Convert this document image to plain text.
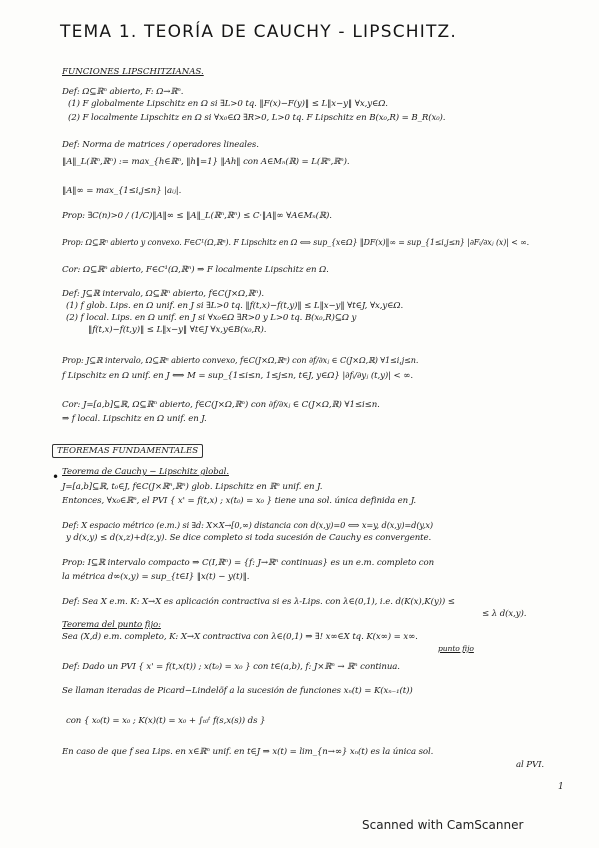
TEMA 1. TEORÍA DE CAUCHY - LIPSCHITZ.
FUNCIONES LIPSCHITZIANAS.
Def: Ω⊆ℝⁿ abierto, F: Ω→ℝⁿ.
(1) F globalmente Lipschitz en Ω si ∃L>0 tq. ‖F(x)−F(y)‖ ≤ L‖x−y‖ ∀x,y∈Ω.
(2) F localmente Lipschitz en Ω si ∀x₀∈Ω ∃R>0, L>0 tq. F Lipschitz en B(x₀,R) = B_R(x₀).
Def: Norma de matrices / operadores lineales.
‖A‖_L(ℝⁿ,ℝⁿ) := max_{h∈ℝⁿ, ‖h‖=1} ‖Ah‖ con A∈Mₙ(ℝ) = L(ℝⁿ,ℝⁿ).
‖A‖∞ = max_{1≤i,j≤n} |aᵢⱼ|.
Prop: ∃C(n)>0 / (1/C)‖A‖∞ ≤ ‖A‖_L(ℝⁿ,ℝⁿ) ≤ C·‖A‖∞ ∀A∈Mₙ(ℝ).
Prop: Ω⊆ℝⁿ abierto y convexo. F∈C¹(Ω,ℝⁿ). F Lipschitz en Ω ⟺ sup_{x∈Ω} ‖DF(x)‖∞ = sup_{1≤i,j≤n} |∂Fᵢ/∂xⱼ (x)| < ∞.
Cor: Ω⊆ℝⁿ abierto, F∈C¹(Ω,ℝⁿ) ⇒ F localmente Lipschitz en Ω.
Def: J⊆ℝ intervalo, Ω⊆ℝⁿ abierto, f∈C(J×Ω,ℝⁿ).
(1) f glob. Lips. en Ω unif. en J si ∃L>0 tq. ‖f(t,x)−f(t,y)‖ ≤ L‖x−y‖ ∀t∈J, ∀x,y∈Ω.
(2) f local. Lips. en Ω unif. en J si ∀x₀∈Ω ∃R>0 y L>0 tq. B(x₀,R)⊆Ω y
‖f(t,x)−f(t,y)‖ ≤ L‖x−y‖ ∀t∈J ∀x,y∈B(x₀,R).
Prop: J⊆ℝ intervalo, Ω⊆ℝⁿ abierto convexo, f∈C(J×Ω,ℝⁿ) con ∂f/∂xⱼ ∈ C(J×Ω,ℝ) ∀1≤i,j≤n.
f Lipschitz en Ω unif. en J ⟺ M = sup_{1≤i≤n, 1≤j≤n, t∈J, y∈Ω} |∂fᵢ/∂yⱼ (t,y)| < ∞.
Cor: J=[a,b]⊆ℝ, Ω⊆ℝⁿ abierto, f∈C(J×Ω,ℝⁿ) con ∂f/∂xⱼ ∈ C(J×Ω,ℝ) ∀1≤i≤n.
⇒ f local. Lipschitz en Ω unif. en J.
TEOREMAS FUNDAMENTALES
• Teorema de Cauchy − Lipschitz global.
J=[a,b]⊆ℝ, t₀∈J, f∈C(J×ℝⁿ,ℝⁿ) glob. Lipschitz en ℝⁿ unif. en J.
Entonces, ∀x₀∈ℝⁿ, el PVI { x' = f(t,x) ; x(t₀) = x₀ } tiene una sol. única definida en J.
Def: X espacio métrico (e.m.) si ∃d: X×X→[0,∞) distancia con d(x,y)=0 ⟺ x=y, d(x,y)=d(y,x)
y d(x,y) ≤ d(x,z)+d(z,y). Se dice completo si toda sucesión de Cauchy es convergente.
Prop: I⊆ℝ intervalo compacto ⇒ C(I,ℝⁿ) = {f: J→ℝⁿ continuas} es un e.m. completo con
la métrica d∞(x,y) = sup_{t∈I} ‖x(t) − y(t)‖.
Def: Sea X e.m. K: X→X es aplicación contractiva si es λ-Lips. con λ∈(0,1), i.e. d(K(x),K(y)) ≤
≤ λ d(x,y).
Teorema del punto fijo:
Sea (X,d) e.m. completo, K: X→X contractiva con λ∈(0,1) ⇒ ∃! x∞∈X tq. K(x∞) = x∞.
punto fijo
Def: Dado un PVI { x' = f(t,x(t)) ; x(t₀) = x₀ } con t∈(a,b), f: J×ℝⁿ → ℝⁿ continua.
Se llaman iteradas de Picard−Lindelöf a la sucesión de funciones xₙ(t) = K(xₙ₋₁(t))
con { x₀(t) = x₀ ; K(x)(t) = x₀ + ∫ₜ₀ᵗ f(s,x(s)) ds }
En caso de que f sea Lips. en x∈ℝⁿ unif. en t∈J ⇒ x(t) = lim_{n→∞} xₙ(t) es la única sol.
al PVI.
1
Scanned with CamScanner
